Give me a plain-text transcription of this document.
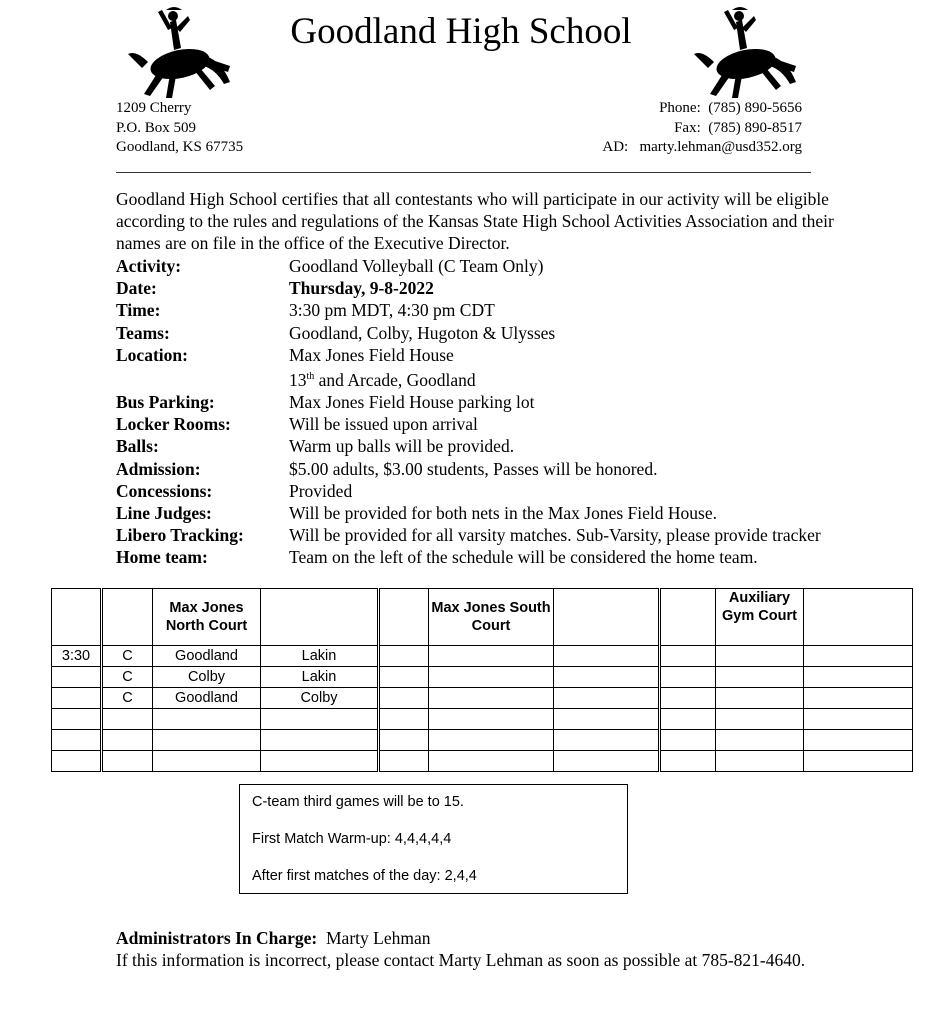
Goodland High School
1209 Cherry
P.O. Box 509
Goodland, KS 67735
Phone: (785) 890-5656
Fax: (785) 890-8517
AD: marty.lehman@usd352.org
Goodland High School certifies that all contestants who will participate in our activity will be eligible according to the rules and regulations of the Kansas State High School Activities Association and their names are on file in the office of the Executive Director.
Activity:	Goodland Volleyball (C Team Only)
Date:	Thursday, 9-8-2022
Time:	3:30 pm MDT, 4:30 pm CDT
Teams:	Goodland, Colby, Hugoton & Ulysses
Location:	Max Jones Field House
13th and Arcade, Goodland
Bus Parking:	Max Jones Field House parking lot
Locker Rooms:	Will be issued upon arrival
Balls:	Warm up balls will be provided.
Admission:	$5.00 adults, $3.00 students, Passes will be honored.
Concessions:	Provided
Line Judges:	Will be provided for both nets in the Max Jones Field House.
Libero Tracking:	Will be provided for all varsity matches. Sub-Varsity, please provide tracker
Home team:	Team on the left of the schedule will be considered the home team.
		Max Jones North Court			Max Jones South Court			Auxiliary Gym Court	
3:30	C	Goodland	Lakin						
	C	Colby	Lakin						
	C	Goodland	Colby						

C-team third games will be to 15.
First Match Warm-up: 4,4,4,4,4
After first matches of the day: 2,4,4
Administrators In Charge: Marty Lehman
If this information is incorrect, please contact Marty Lehman as soon as possible at 785-821-4640.
